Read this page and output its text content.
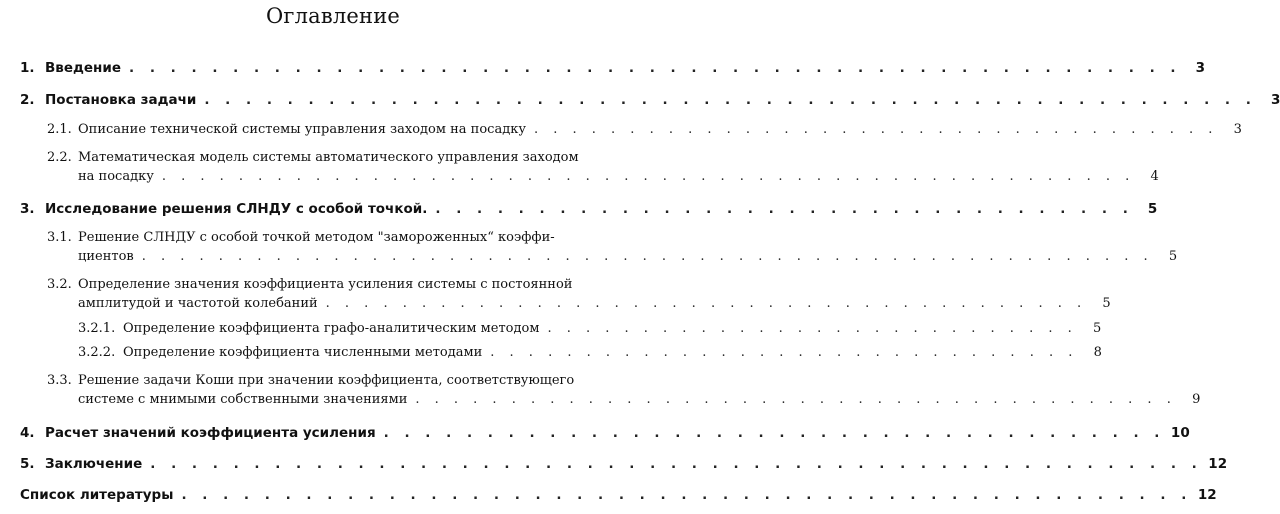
Оглавление
1. Введение . . . . . . . . . . . . . . . . . . . . . . . . . . . . . . . . . . . . . . . . . . . . . . . . . . .	3
2. Постановка задачи . . . . . . . . . . . . . . . . . . . . . . . . . . . . . . . . . . . . . . . . . . . . . . . . . . .	3
2.1. Описание технической системы управления заходом на посадку . . . . . . . . . . . . . . . . . . . . . . . . . . . . . . . . . . . .	3
2.2. Математическая модель системы автоматического управления заходом
на посадку . . . . . . . . . . . . . . . . . . . . . . . . . . . . . . . . . . . . . . . . . . . . . . . . . . .	4
3. Исследование решения СЛНДУ с особой точкой. . . . . . . . . . . . . . . . . . . . . . . . . . . . . . . . . . .	5
3.1. Решение СЛНДУ с особой точкой методом "замороженных“ коэффи-
циентов . . . . . . . . . . . . . . . . . . . . . . . . . . . . . . . . . . . . . . . . . . . . . . . . . . . . .	5
3.2. Определение значения коэффициента усиления системы с постоянной
амплитудой и частотой колебаний . . . . . . . . . . . . . . . . . . . . . . . . . . . . . . . . . . . . . . . .	5
3.2.1. Определение коэффициента графо-аналитическим методом . . . . . . . . . . . . . . . . . . . . . . . . . . . .	5
3.2.2. Определение коэффициента численными методами . . . . . . . . . . . . . . . . . . . . . . . . . . . . . . .	8
3.3. Решение задачи Коши при значении коэффициента, соответствующего
системе с мнимыми собственными значениями . . . . . . . . . . . . . . . . . . . . . . . . . . . . . . . . . . . . . . . .	9
4. Расчет значений коэффициента усиления . . . . . . . . . . . . . . . . . . . . . . . . . . . . . . . . . . . . . . 10
5. Заключение . . . . . . . . . . . . . . . . . . . . . . . . . . . . . . . . . . . . . . . . . . . . . . . . . . . 12
Список литературы . . . . . . . . . . . . . . . . . . . . . . . . . . . . . . . . . . . . . . . . . . . . . . . . . 12
